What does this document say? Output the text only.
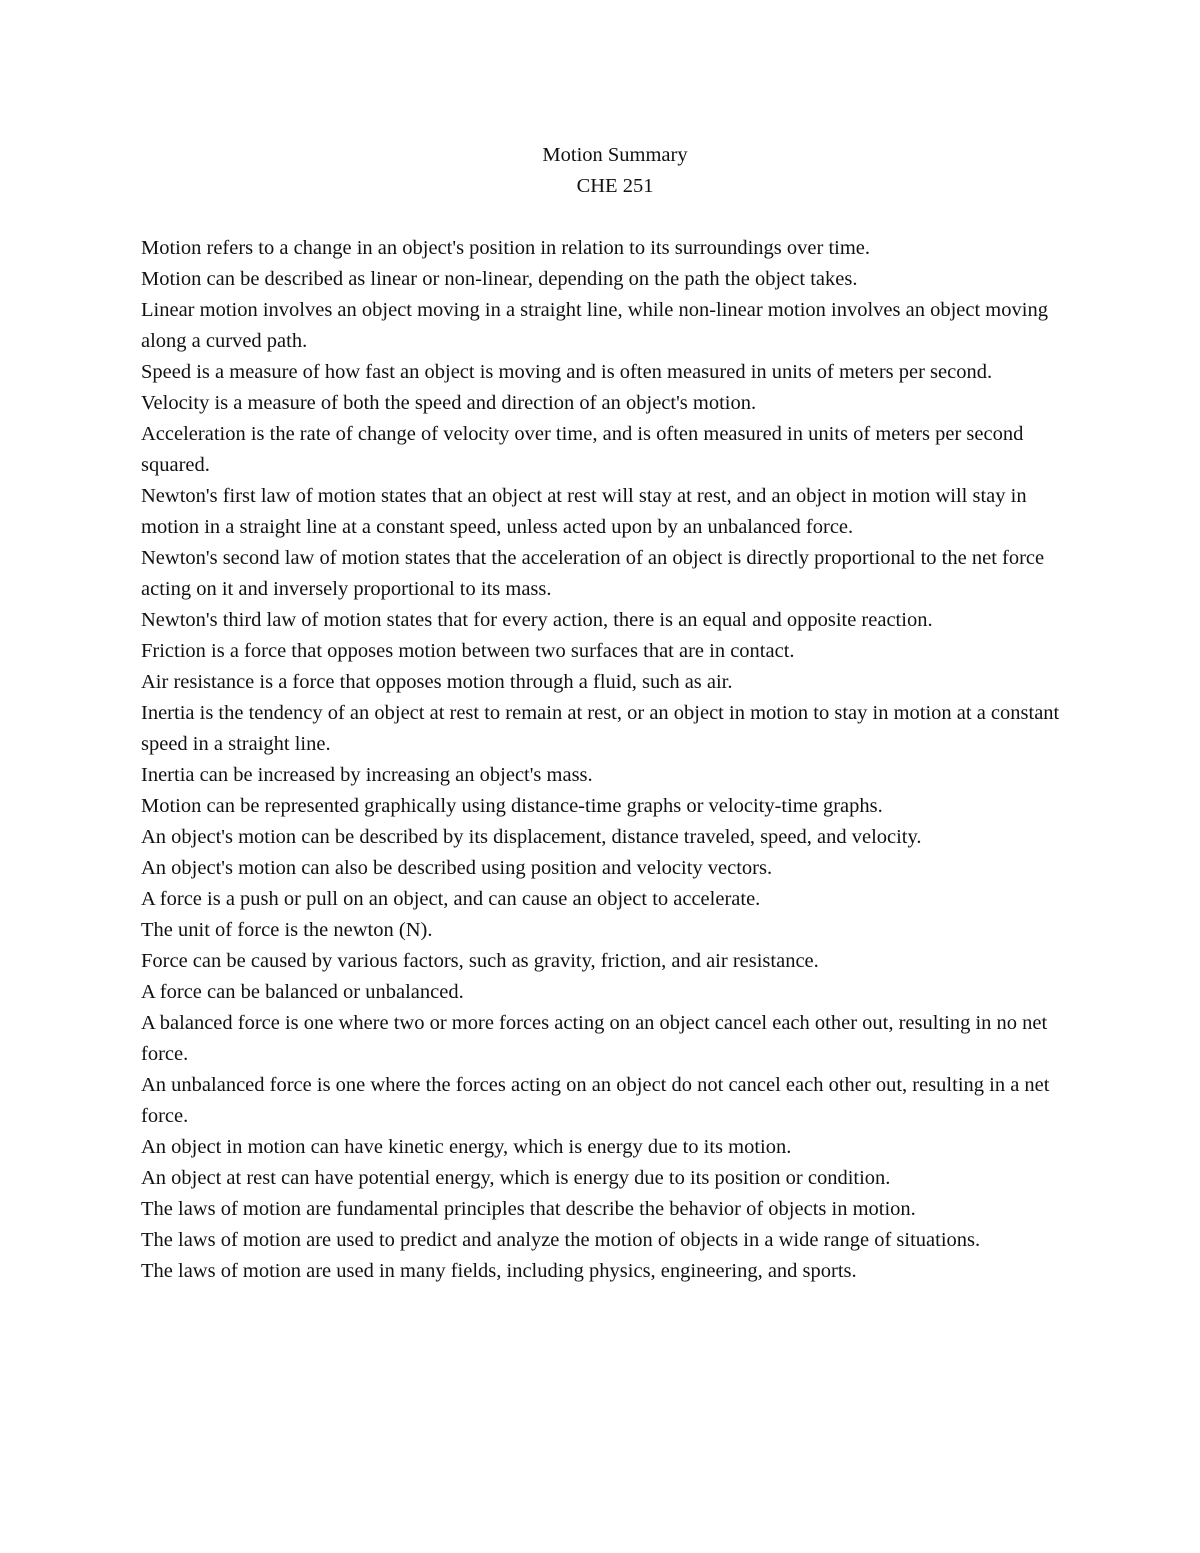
Motion Summary
CHE 251

Motion refers to a change in an object's position in relation to its surroundings over time.

Motion can be described as linear or non-linear, depending on the path the object takes.

Linear motion involves an object moving in a straight line, while non-linear motion involves an object moving along a curved path.

Speed is a measure of how fast an object is moving and is often measured in units of meters per second.

Velocity is a measure of both the speed and direction of an object's motion.

Acceleration is the rate of change of velocity over time, and is often measured in units of meters per second squared.

Newton's first law of motion states that an object at rest will stay at rest, and an object in motion will stay in motion in a straight line at a constant speed, unless acted upon by an unbalanced force.

Newton's second law of motion states that the acceleration of an object is directly proportional to the net force acting on it and inversely proportional to its mass.

Newton's third law of motion states that for every action, there is an equal and opposite reaction.

Friction is a force that opposes motion between two surfaces that are in contact.

Air resistance is a force that opposes motion through a fluid, such as air.

Inertia is the tendency of an object at rest to remain at rest, or an object in motion to stay in motion at a constant speed in a straight line.

Inertia can be increased by increasing an object's mass.

Motion can be represented graphically using distance-time graphs or velocity-time graphs.

An object's motion can be described by its displacement, distance traveled, speed, and velocity.

An object's motion can also be described using position and velocity vectors.

A force is a push or pull on an object, and can cause an object to accelerate.

The unit of force is the newton (N).

Force can be caused by various factors, such as gravity, friction, and air resistance.

A force can be balanced or unbalanced.

A balanced force is one where two or more forces acting on an object cancel each other out, resulting in no net force.

An unbalanced force is one where the forces acting on an object do not cancel each other out, resulting in a net force.

An object in motion can have kinetic energy, which is energy due to its motion.

An object at rest can have potential energy, which is energy due to its position or condition.

The laws of motion are fundamental principles that describe the behavior of objects in motion.

The laws of motion are used to predict and analyze the motion of objects in a wide range of situations.

The laws of motion are used in many fields, including physics, engineering, and sports.
